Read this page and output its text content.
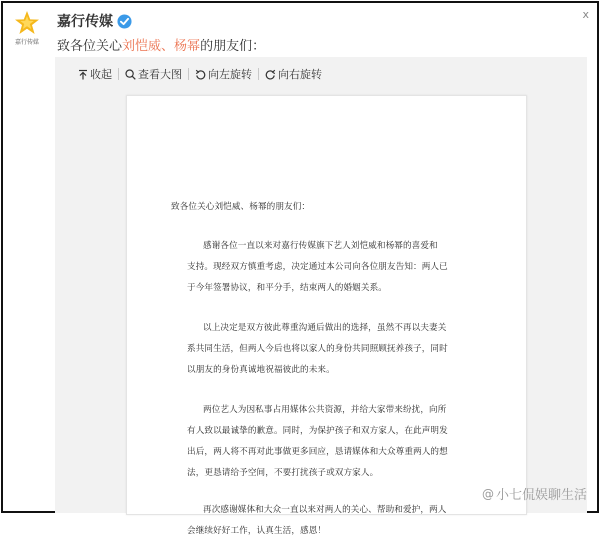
嘉行传媒
嘉行传媒	x
致各位关心刘恺威、杨幂的朋友们：
收起 查看大图 向左旋转 向右旋转
致各位关心刘恺威、杨幂的朋友们：
感谢各位一直以来对嘉行传媒旗下艺人刘恺威和杨幂的喜爱和
支持。现经双方慎重考虑，决定通过本公司向各位朋友告知：两人已
于今年签署协议，和平分手，结束两人的婚姻关系。
以上决定是双方彼此尊重沟通后做出的选择，虽然不再以夫妻关
系共同生活，但两人今后也将以家人的身份共同照顾抚养孩子，同时
以朋友的身份真诚地祝福彼此的未来。
两位艺人为因私事占用媒体公共资源，并给大家带来纷扰，向所
有人致以最诚挚的歉意。同时，为保护孩子和双方家人，在此声明发
出后，两人将不再对此事做更多回应，恳请媒体和大众尊重两人的想
法，更恳请给予空间，不要打扰孩子或双方家人。
再次感谢媒体和大众一直以来对两人的关心、帮助和爱护，两人
会继续好好工作，认真生活，感恩！
@ 小七侃娱聊生活
